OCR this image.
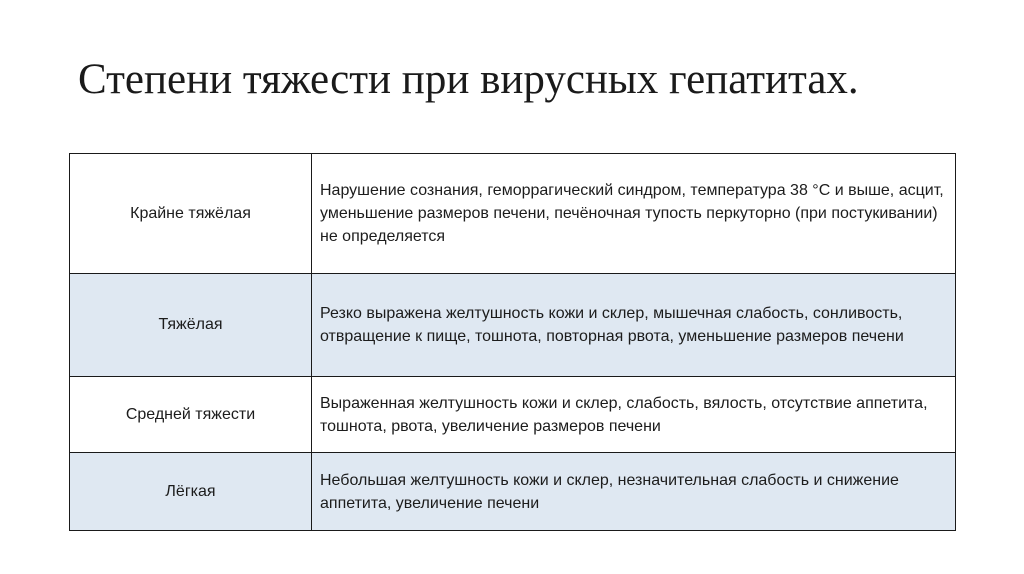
Степени тяжести при вирусных гепатитах.
Крайне тяжёлая	Нарушение сознания, геморрагический синдром, температура 38 °C и выше, асцит, уменьшение размеров печени, печёночная тупость перкуторно (при постукивании) не определяется
Тяжёлая	Резко выражена желтушность кожи и склер, мышечная слабость, сонливость, отвращение к пище, тошнота, повторная рвота, уменьшение размеров печени
Средней тяжести	Выраженная желтушность кожи и склер, слабость, вялость, отсутствие аппетита, тошнота, рвота, увеличение размеров печени
Лёгкая	Небольшая желтушность кожи и склер, незначительная слабость и снижение аппетита, увеличение печени
